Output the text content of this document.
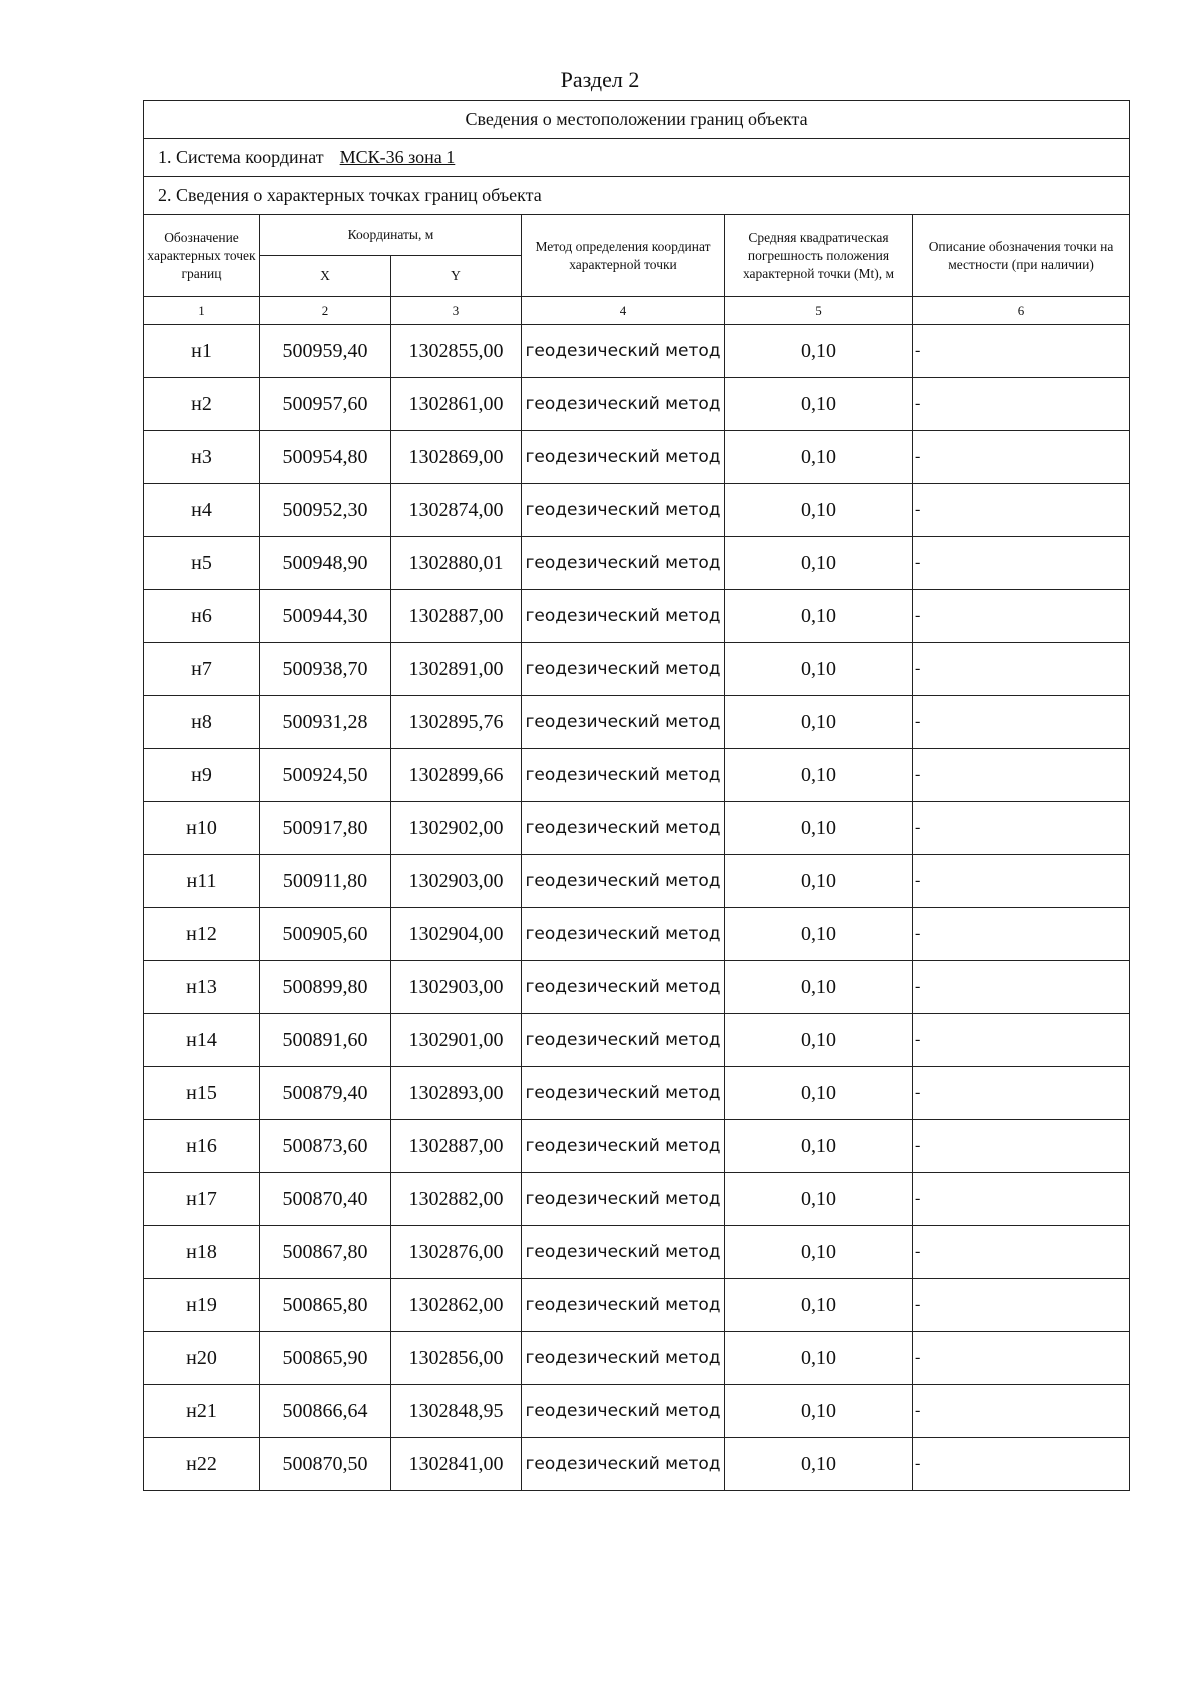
Раздел 2
Сведения о местоположении границ объекта					
1. Система координат МСК-36 зона 1					
2. Сведения о характерных точках границ объекта					
Обозначение характерных точек границ	Координаты, м		Метод определения координат характерной точки	Средняя квадратическая погрешность положения характерной точки (Mt), м	Описание обозначения точки на местности (при наличии)
	X	Y			
1	2	3	4	5	6
н1	500959,40	1302855,00	геодезический метод	0,10	-
н2	500957,60	1302861,00	геодезический метод	0,10	-
н3	500954,80	1302869,00	геодезический метод	0,10	-
н4	500952,30	1302874,00	геодезический метод	0,10	-
н5	500948,90	1302880,01	геодезический метод	0,10	-
н6	500944,30	1302887,00	геодезический метод	0,10	-
н7	500938,70	1302891,00	геодезический метод	0,10	-
н8	500931,28	1302895,76	геодезический метод	0,10	-
н9	500924,50	1302899,66	геодезический метод	0,10	-
н10	500917,80	1302902,00	геодезический метод	0,10	-
н11	500911,80	1302903,00	геодезический метод	0,10	-
н12	500905,60	1302904,00	геодезический метод	0,10	-
н13	500899,80	1302903,00	геодезический метод	0,10	-
н14	500891,60	1302901,00	геодезический метод	0,10	-
н15	500879,40	1302893,00	геодезический метод	0,10	-
н16	500873,60	1302887,00	геодезический метод	0,10	-
н17	500870,40	1302882,00	геодезический метод	0,10	-
н18	500867,80	1302876,00	геодезический метод	0,10	-
н19	500865,80	1302862,00	геодезический метод	0,10	-
н20	500865,90	1302856,00	геодезический метод	0,10	-
н21	500866,64	1302848,95	геодезический метод	0,10	-
н22	500870,50	1302841,00	геодезический метод	0,10	-
